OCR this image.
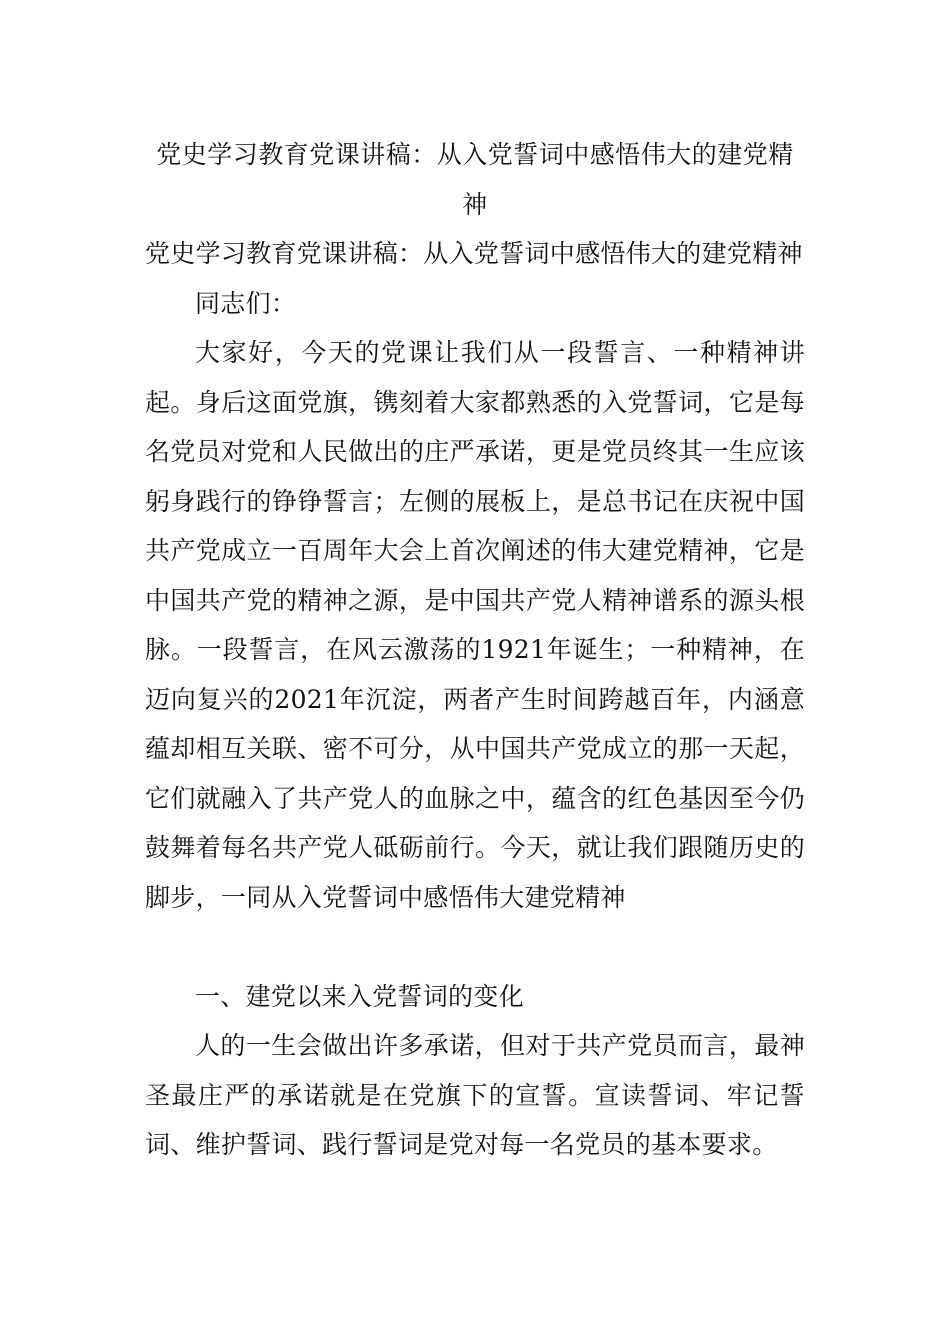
党史学习教育党课讲稿：从入党誓词中感悟伟大的建党精神

党史学习教育党课讲稿：从入党誓词中感悟伟大的建党精神

同志们：

大家好，今天的党课让我们从一段誓言、一种精神讲起。身后这面党旗，镌刻着大家都熟悉的入党誓词，它是每名党员对党和人民做出的庄严承诺，更是党员终其一生应该躬身践行的铮铮誓言；左侧的展板上，是总书记在庆祝中国共产党成立一百周年大会上首次阐述的伟大建党精神，它是中国共产党的精神之源，是中国共产党人精神谱系的源头根脉。一段誓言，在风云激荡的1921年诞生；一种精神，在迈向复兴的2021年沉淀，两者产生时间跨越百年，内涵意蕴却相互关联、密不可分，从中国共产党成立的那一天起，它们就融入了共产党人的血脉之中，蕴含的红色基因至今仍鼓舞着每名共产党人砥砺前行。今天，就让我们跟随历史的脚步，一同从入党誓词中感悟伟大建党精神

一、建党以来入党誓词的变化

人的一生会做出许多承诺，但对于共产党员而言，最神圣最庄严的承诺就是在党旗下的宣誓。宣读誓词、牢记誓词、维护誓词、践行誓词是党对每一名党员的基本要求。
